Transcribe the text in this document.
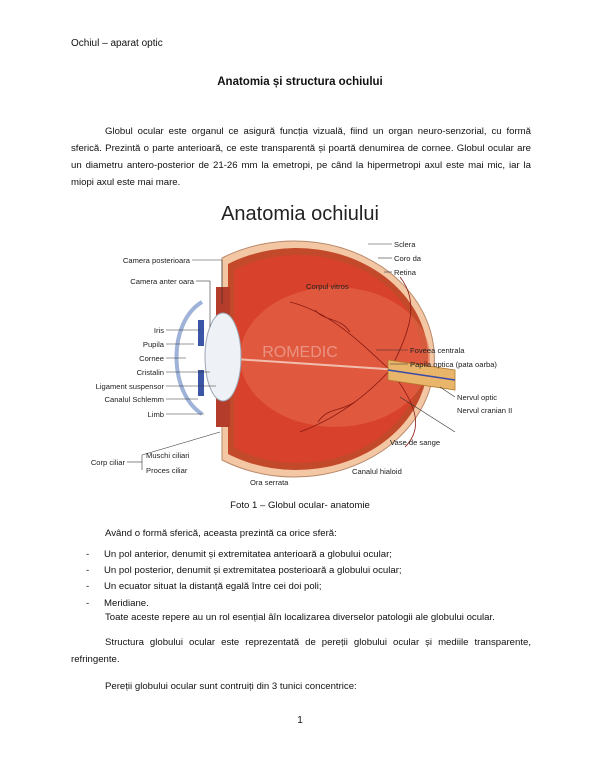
Ochiul – aparat optic
Anatomia și structura ochiului
Globul ocular este organul ce asigură funcția vizuală, fiind un organ neuro-senzorial, cu formă sferică. Prezintă o parte anterioară, ce este transparentă și poartă denumirea de cornee. Globul ocular are un diametru antero-posterior de 21-26 mm la emetropi, pe când la hipermetropi axul este mai mic, iar la miopi axul este mai mare.
Anatomia ochiului
ROMEDIC
Camera posterioara
Camera anter oara
Iris
Pupila
Cornee
Cristalin
Ligament suspensor
Canalul Schlemm
Limb
Corp ciliar
Muschi ciliari
Proces ciliar
Sclera
Coro da
Retina
Foveea centrala
Papila optica (pata oarba)
Nervul optic
Nervul cranian II
Vase de sange
Corpul vitros
Ora serrata
Canalul hialoid
Foto 1 – Globul ocular- anatomie
Având o formă sferică, aceasta prezintă ca orice sferă:
- Un pol anterior, denumit și extremitatea anterioară a globului ocular;
- Un pol posterior, denumit și extremitatea posterioară a globului ocular;
- Un ecuator situat la distanță egală între cei doi poli;
- Meridiane.
Toate aceste repere au un rol esențial âîn localizarea diverselor patologii ale globului ocular.
Structura globului ocular este reprezentată de pereții globului ocular și mediile transparente, refringente.
Pereții globului ocular sunt contruiți din 3 tunici concentrice:
1
